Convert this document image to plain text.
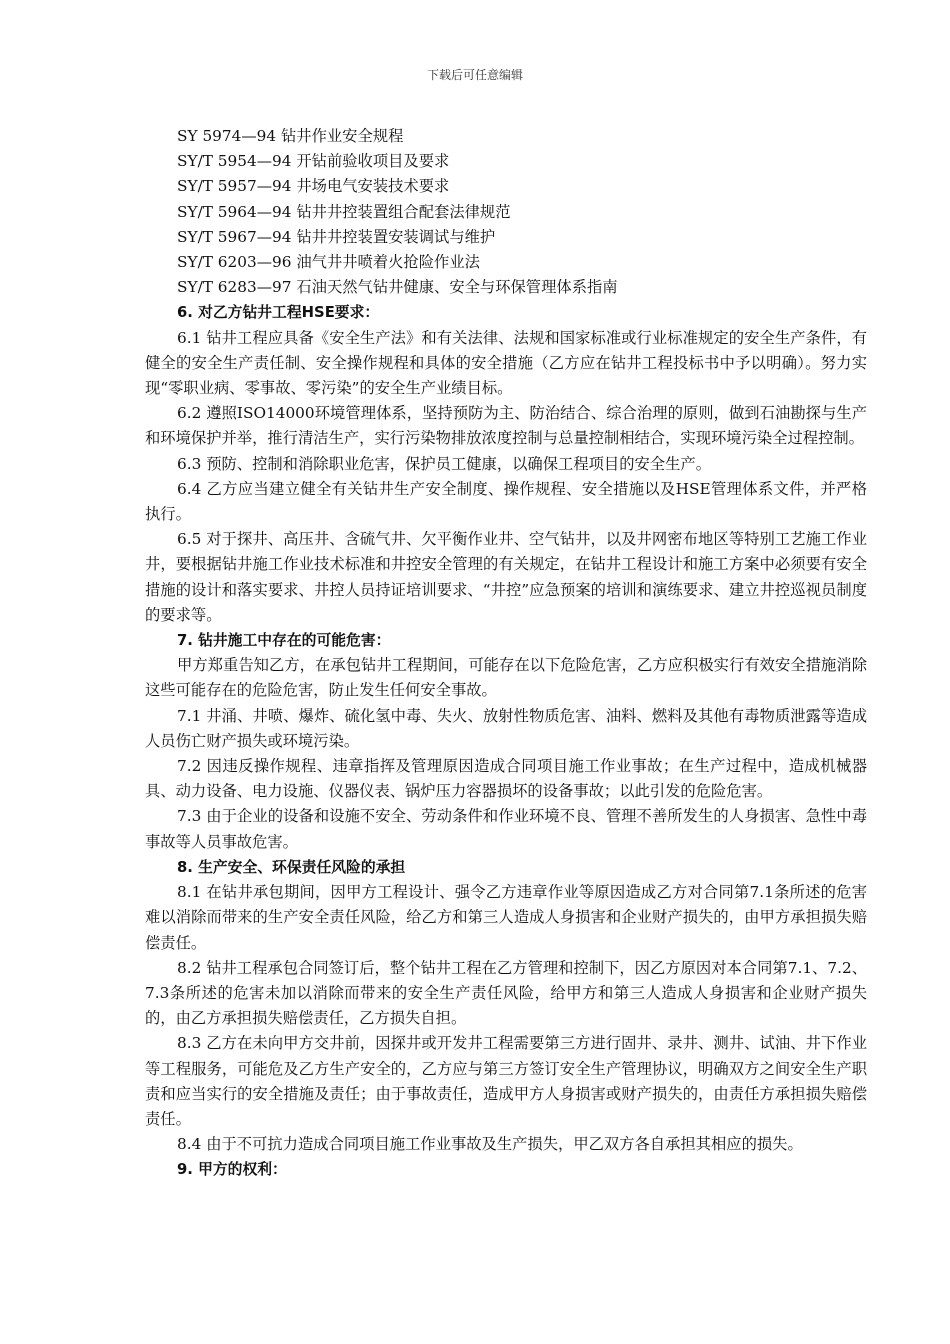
下载后可任意编辑

SY 5974—94 钻井作业安全规程

SY/T 5954—94 开钻前验收项目及要求

SY/T 5957—94 井场电气安装技术要求

SY/T 5964—94 钻井井控装置组合配套法律规范

SY/T 5967—94 钻井井控装置安装调试与维护

SY/T 6203—96 油气井井喷着火抢险作业法

SY/T 6283—97 石油天然气钻井健康、安全与环保管理体系指南

6. 对乙方钻井工程HSE要求：

6.1 钻井工程应具备《安全生产法》和有关法律、法规和国家标准或行业标准规定的安全生产条件，有健全的安全生产责任制、安全操作规程和具体的安全措施（乙方应在钻井工程投标书中予以明确）。努力实现“零职业病、零事故、零污染”的安全生产业绩目标。

6.2 遵照ISO14000环境管理体系，坚持预防为主、防治结合、综合治理的原则，做到石油勘探与生产和环境保护并举，推行清洁生产，实行污染物排放浓度控制与总量控制相结合，实现环境污染全过程控制。

6.3 预防、控制和消除职业危害，保护员工健康，以确保工程项目的安全生产。

6.4 乙方应当建立健全有关钻井生产安全制度、操作规程、安全措施以及HSE管理体系文件，并严格执行。

6.5 对于探井、高压井、含硫气井、欠平衡作业井、空气钻井，以及井网密布地区等特别工艺施工作业井，要根据钻井施工作业技术标准和井控安全管理的有关规定，在钻井工程设计和施工方案中必须要有安全措施的设计和落实要求、井控人员持证培训要求、“井控”应急预案的培训和演练要求、建立井控巡视员制度的要求等。

7. 钻井施工中存在的可能危害：

甲方郑重告知乙方，在承包钻井工程期间，可能存在以下危险危害，乙方应积极实行有效安全措施消除这些可能存在的危险危害，防止发生任何安全事故。

7.1 井涌、井喷、爆炸、硫化氢中毒、失火、放射性物质危害、油料、燃料及其他有毒物质泄露等造成人员伤亡财产损失或环境污染。

7.2 因违反操作规程、违章指挥及管理原因造成合同项目施工作业事故；在生产过程中，造成机械器具、动力设备、电力设施、仪器仪表、锅炉压力容器损坏的设备事故；以此引发的危险危害。

7.3 由于企业的设备和设施不安全、劳动条件和作业环境不良、管理不善所发生的人身损害、急性中毒事故等人员事故危害。

8. 生产安全、环保责任风险的承担

8.1 在钻井承包期间，因甲方工程设计、强令乙方违章作业等原因造成乙方对合同第7.1条所述的危害难以消除而带来的生产安全责任风险，给乙方和第三人造成人身损害和企业财产损失的，由甲方承担损失赔偿责任。

8.2 钻井工程承包合同签订后，整个钻井工程在乙方管理和控制下，因乙方原因对本合同第7.1、7.2、7.3条所述的危害未加以消除而带来的安全生产责任风险，给甲方和第三人造成人身损害和企业财产损失的，由乙方承担损失赔偿责任，乙方损失自担。

8.3 乙方在未向甲方交井前，因探井或开发井工程需要第三方进行固井、录井、测井、试油、井下作业等工程服务，可能危及乙方生产安全的，乙方应与第三方签订安全生产管理协议，明确双方之间安全生产职责和应当实行的安全措施及责任；由于事故责任，造成甲方人身损害或财产损失的，由责任方承担损失赔偿责任。

8.4 由于不可抗力造成合同项目施工作业事故及生产损失，甲乙双方各自承担其相应的损失。

9. 甲方的权利：
